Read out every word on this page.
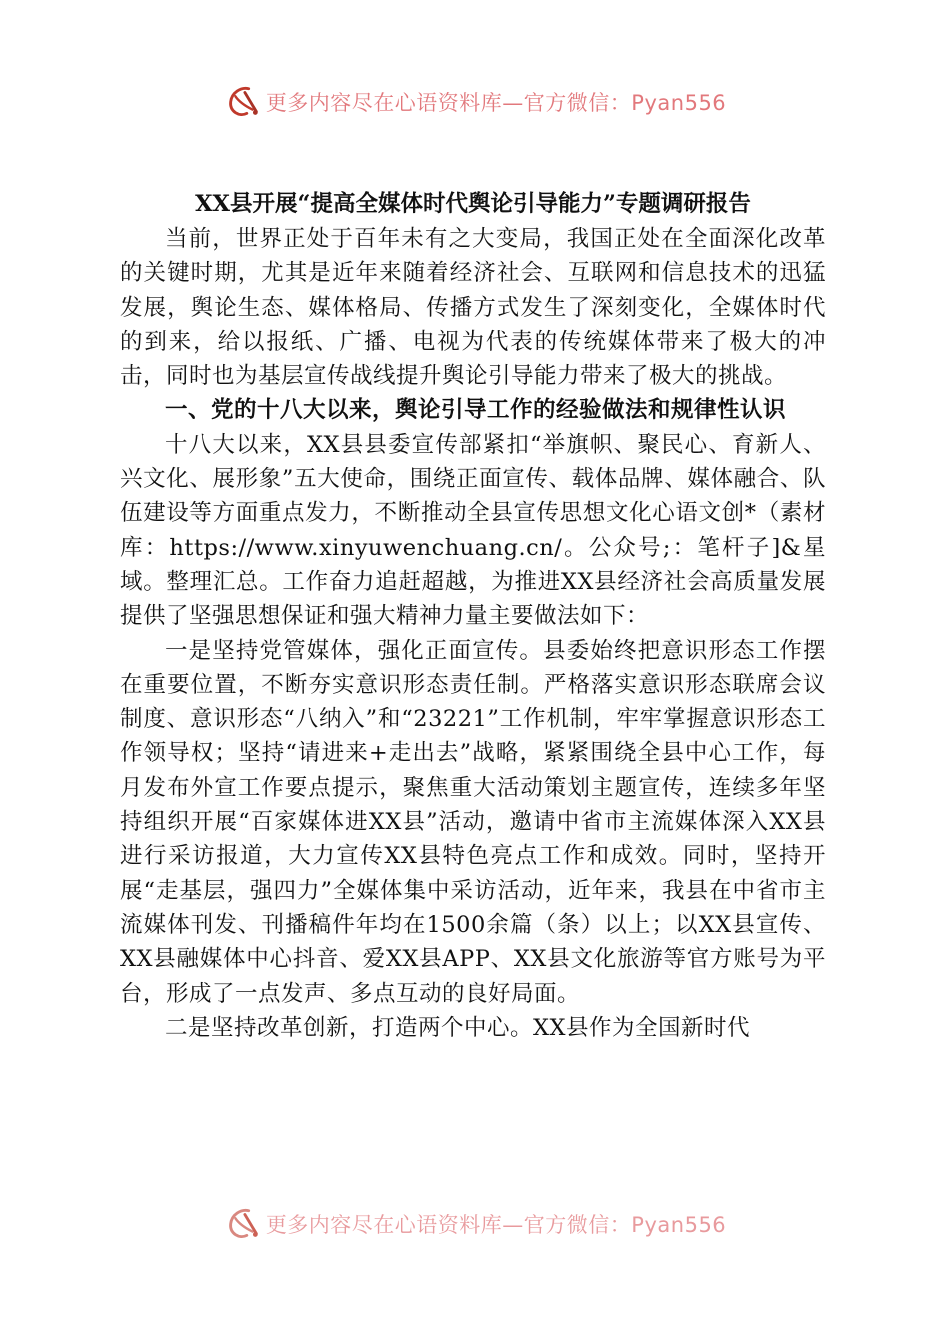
更多内容尽在心语资料库—官方微信：Pyan556
XX县开展“提高全媒体时代舆论引导能力”专题调研报告

当前，世界正处于百年未有之大变局，我国正处在全面深化改革的关键时期，尤其是近年来随着经济社会、互联网和信息技术的迅猛发展，舆论生态、媒体格局、传播方式发生了深刻变化，全媒体时代的到来，给以报纸、广播、电视为代表的传统媒体带来了极大的冲击，同时也为基层宣传战线提升舆论引导能力带来了极大的挑战。

一、党的十八大以来，舆论引导工作的经验做法和规律性认识

十八大以来，XX县县委宣传部紧扣“举旗帜、聚民心、育新人、兴文化、展形象”五大使命，围绕正面宣传、载体品牌、媒体融合、队伍建设等方面重点发力，不断推动全县宣传思想文化心语文创*（素材库：https://www.xinyuwenchuang.cn/。公众号;：笔杆子]&星域。整理汇总。工作奋力追赶超越，为推进XX县经济社会高质量发展提供了坚强思想保证和强大精神力量主要做法如下：

一是坚持党管媒体，强化正面宣传。县委始终把意识形态工作摆在重要位置，不断夯实意识形态责任制。严格落实意识形态联席会议制度、意识形态“八纳入”和“23221”工作机制，牢牢掌握意识形态工作领导权；坚持“请进来+走出去”战略，紧紧围绕全县中心工作，每月发布外宣工作要点提示，聚焦重大活动策划主题宣传，连续多年坚持组织开展“百家媒体进XX县”活动，邀请中省市主流媒体深入XX县进行采访报道，大力宣传XX县特色亮点工作和成效。同时，坚持开展“走基层，强四力”全媒体集中采访活动，近年来，我县在中省市主流媒体刊发、刊播稿件年均在1500余篇（条）以上；以XX县宣传、XX县融媒体中心抖音、爱XX县APP、XX县文化旅游等官方账号为平台，形成了一点发声、多点互动的良好局面。

二是坚持改革创新，打造两个中心。XX县作为全国新时代

更多内容尽在心语资料库—官方微信：Pyan556
